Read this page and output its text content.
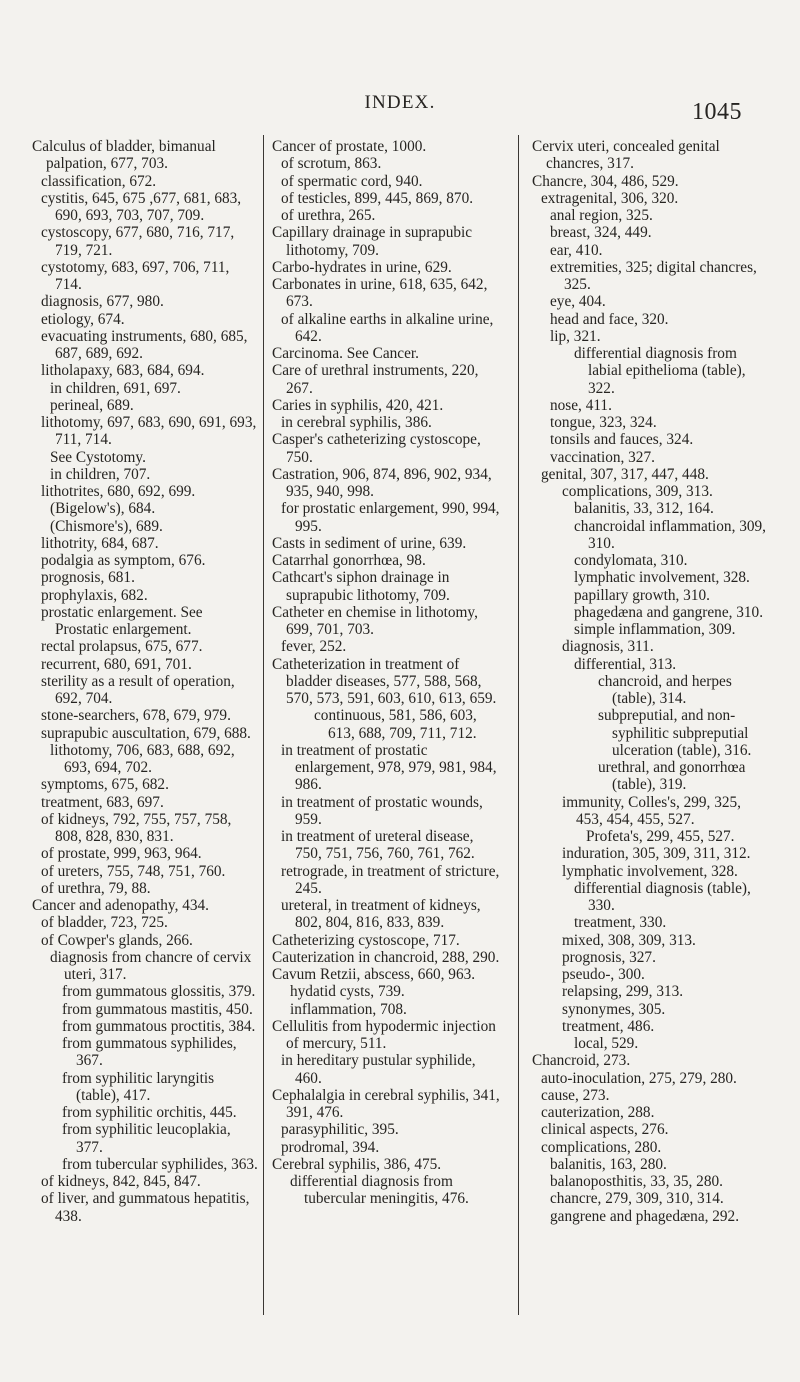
INDEX.	1045
Calculus of bladder, bimanual palpation, 677, 703.
classification, 672.
cystitis, 645, 675 ,677, 681, 683, 690, 693, 703, 707, 709.
cystoscopy, 677, 680, 716, 717, 719, 721.
cystotomy, 683, 697, 706, 711, 714.
diagnosis, 677, 980.
etiology, 674.
evacuating instruments, 680, 685, 687, 689, 692.
litholapaxy, 683, 684, 694.
in children, 691, 697.
perineal, 689.
lithotomy, 697, 683, 690, 691, 693, 711, 714.
See Cystotomy.
in children, 707.
lithotrites, 680, 692, 699.
(Bigelow's), 684.
(Chismore's), 689.
lithotrity, 684, 687.
podalgia as symptom, 676.
prognosis, 681.
prophylaxis, 682.
prostatic enlargement. See Prostatic enlargement.
rectal prolapsus, 675, 677.
recurrent, 680, 691, 701.
sterility as a result of operation, 692, 704.
stone-searchers, 678, 679, 979.
suprapubic auscultation, 679, 688.
lithotomy, 706, 683, 688, 692, 693, 694, 702.
symptoms, 675, 682.
treatment, 683, 697.
of kidneys, 792, 755, 757, 758, 808, 828, 830, 831.
of prostate, 999, 963, 964.
of ureters, 755, 748, 751, 760.
of urethra, 79, 88.
Cancer and adenopathy, 434.
of bladder, 723, 725.
of Cowper's glands, 266.
diagnosis from chancre of cervix uteri, 317.
from gummatous glossitis, 379.
from gummatous mastitis, 450.
from gummatous proctitis, 384.
from gummatous syphilides, 367.
from syphilitic laryngitis (table), 417.
from syphilitic orchitis, 445.
from syphilitic leucoplakia, 377.
from tubercular syphilides, 363.
of kidneys, 842, 845, 847.
of liver, and gummatous hepatitis, 438.
Cancer of prostate, 1000.
of scrotum, 863.
of spermatic cord, 940.
of testicles, 899, 445, 869, 870.
of urethra, 265.
Capillary drainage in suprapubic lithotomy, 709.
Carbo-hydrates in urine, 629.
Carbonates in urine, 618, 635, 642, 673.
of alkaline earths in alkaline urine, 642.
Carcinoma. See Cancer.
Care of urethral instruments, 220, 267.
Caries in syphilis, 420, 421.
in cerebral syphilis, 386.
Casper's catheterizing cystoscope, 750.
Castration, 906, 874, 896, 902, 934, 935, 940, 998.
for prostatic enlargement, 990, 994, 995.
Casts in sediment of urine, 639.
Catarrhal gonorrhœa, 98.
Cathcart's siphon drainage in suprapubic lithotomy, 709.
Catheter en chemise in lithotomy, 699, 701, 703.
fever, 252.
Catheterization in treatment of bladder diseases, 577, 588, 568, 570, 573, 591, 603, 610, 613, 659.
continuous, 581, 586, 603, 613, 688, 709, 711, 712.
in treatment of prostatic enlargement, 978, 979, 981, 984, 986.
in treatment of prostatic wounds, 959.
in treatment of ureteral disease, 750, 751, 756, 760, 761, 762.
retrograde, in treatment of stricture, 245.
ureteral, in treatment of kidneys, 802, 804, 816, 833, 839.
Catheterizing cystoscope, 717.
Cauterization in chancroid, 288, 290.
Cavum Retzii, abscess, 660, 963.
hydatid cysts, 739.
inflammation, 708.
Cellulitis from hypodermic injection of mercury, 511.
in hereditary pustular syphilide, 460.
Cephalalgia in cerebral syphilis, 341, 391, 476.
parasyphilitic, 395.
prodromal, 394.
Cerebral syphilis, 386, 475.
differential diagnosis from tubercular meningitis, 476.
Cervix uteri, concealed genital chancres, 317.
Chancre, 304, 486, 529.
extragenital, 306, 320.
anal region, 325.
breast, 324, 449.
ear, 410.
extremities, 325; digital chancres, 325.
eye, 404.
head and face, 320.
lip, 321.
differential diagnosis from labial epithelioma (table), 322.
nose, 411.
tongue, 323, 324.
tonsils and fauces, 324.
vaccination, 327.
genital, 307, 317, 447, 448.
complications, 309, 313.
balanitis, 33, 312, 164.
chancroidal inflammation, 309, 310.
condylomata, 310.
lymphatic involvement, 328.
papillary growth, 310.
phagedæna and gangrene, 310.
simple inflammation, 309.
diagnosis, 311.
differential, 313.
chancroid, and herpes (table), 314.
subpreputial, and non-syphilitic subpreputial ulceration (table), 316.
urethral, and gonorrhœa (table), 319.
immunity, Colles's, 299, 325, 453, 454, 455, 527.
Profeta's, 299, 455, 527.
induration, 305, 309, 311, 312.
lymphatic involvement, 328.
differential diagnosis (table), 330.
treatment, 330.
mixed, 308, 309, 313.
prognosis, 327.
pseudo-, 300.
relapsing, 299, 313.
synonymes, 305.
treatment, 486.
local, 529.
Chancroid, 273.
auto-inoculation, 275, 279, 280.
cause, 273.
cauterization, 288.
clinical aspects, 276.
complications, 280.
balanitis, 163, 280.
balanoposthitis, 33, 35, 280.
chancre, 279, 309, 310, 314.
gangrene and phagedæna, 292.
